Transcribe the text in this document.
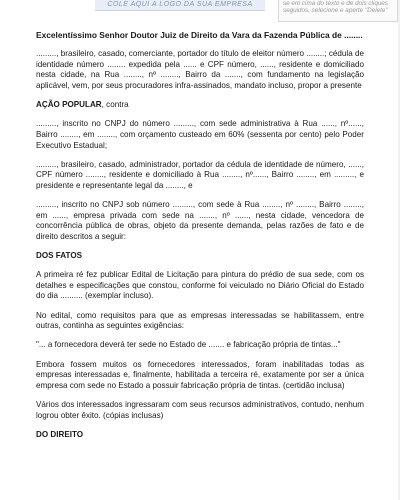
COLE AQUI A LOGO DA SUA EMPRESA	se em cima do texto e de dois cliques seguidos, selecione e aperte "Delete"

Excelentíssimo Senhor Doutor Juiz de Direito da Vara da Fazenda Pública de ........

........., brasileiro, casado, comerciante, portador do título de eleitor número ........; cédula de identidade número ........ expedida pela ...... e CPF número, ......, residente e domiciliado nesta cidade, na Rua ........, nº ........, Bairro da ......., com fundamento na legislação aplicável, vem, por seus procuradores infra-assinados, mandato incluso, propor a presente

AÇÃO POPULAR, contra

........., inscrito no CNPJ do número ........., com sede administrativa à Rua ......, nº......, Bairro ........, em ........, com orçamento custeado em 60% (sessenta por cento) pelo Poder Executivo Estadual;

........., brasileiro, casado, administrador, portador da cédula de identidade de número, ......, CPF número ........, residente e domiciliado à Rua ........, nº......, Bairro ........, em ........., e presidente e representante legal da ........, e

........., inscrito no CNPJ sob número ........., com sede à Rua ........, nº ........, Bairro ........, em ......, empresa privada com sede na ......., nº ......, nesta cidade, vencedora de concorrência pública de obras, objeto da presente demanda, pelas razões de fato e de direito descritos a seguir:

DOS FATOS

A primeira ré fez publicar Edital de Licitação para pintura do prédio de sua sede, com os detalhes e especificações que constou, conforme foi veiculado no Diário Oficial do Estado do dia .......... (exemplar incluso).

No edital, como requisitos para que as empresas interessadas se habilitassem, entre outras, continha as seguintes exigências:

"... a fornecedora deverá ter sede no Estado de ....... e fabricação própria de tintas..."

Embora fossem muitos os fornecedores interessados, foram inabilitadas todas as empresas interessadas e, finalmente, habilitada a terceira ré, exatamente por ser a única empresa com sede no Estado a possuir fabricação própria de tintas. (certidão inclusa)

Vários dos interessados ingressaram com seus recursos administrativos, contudo, nenhum logrou obter êxito. (cópias inclusas)

DO DIREITO
